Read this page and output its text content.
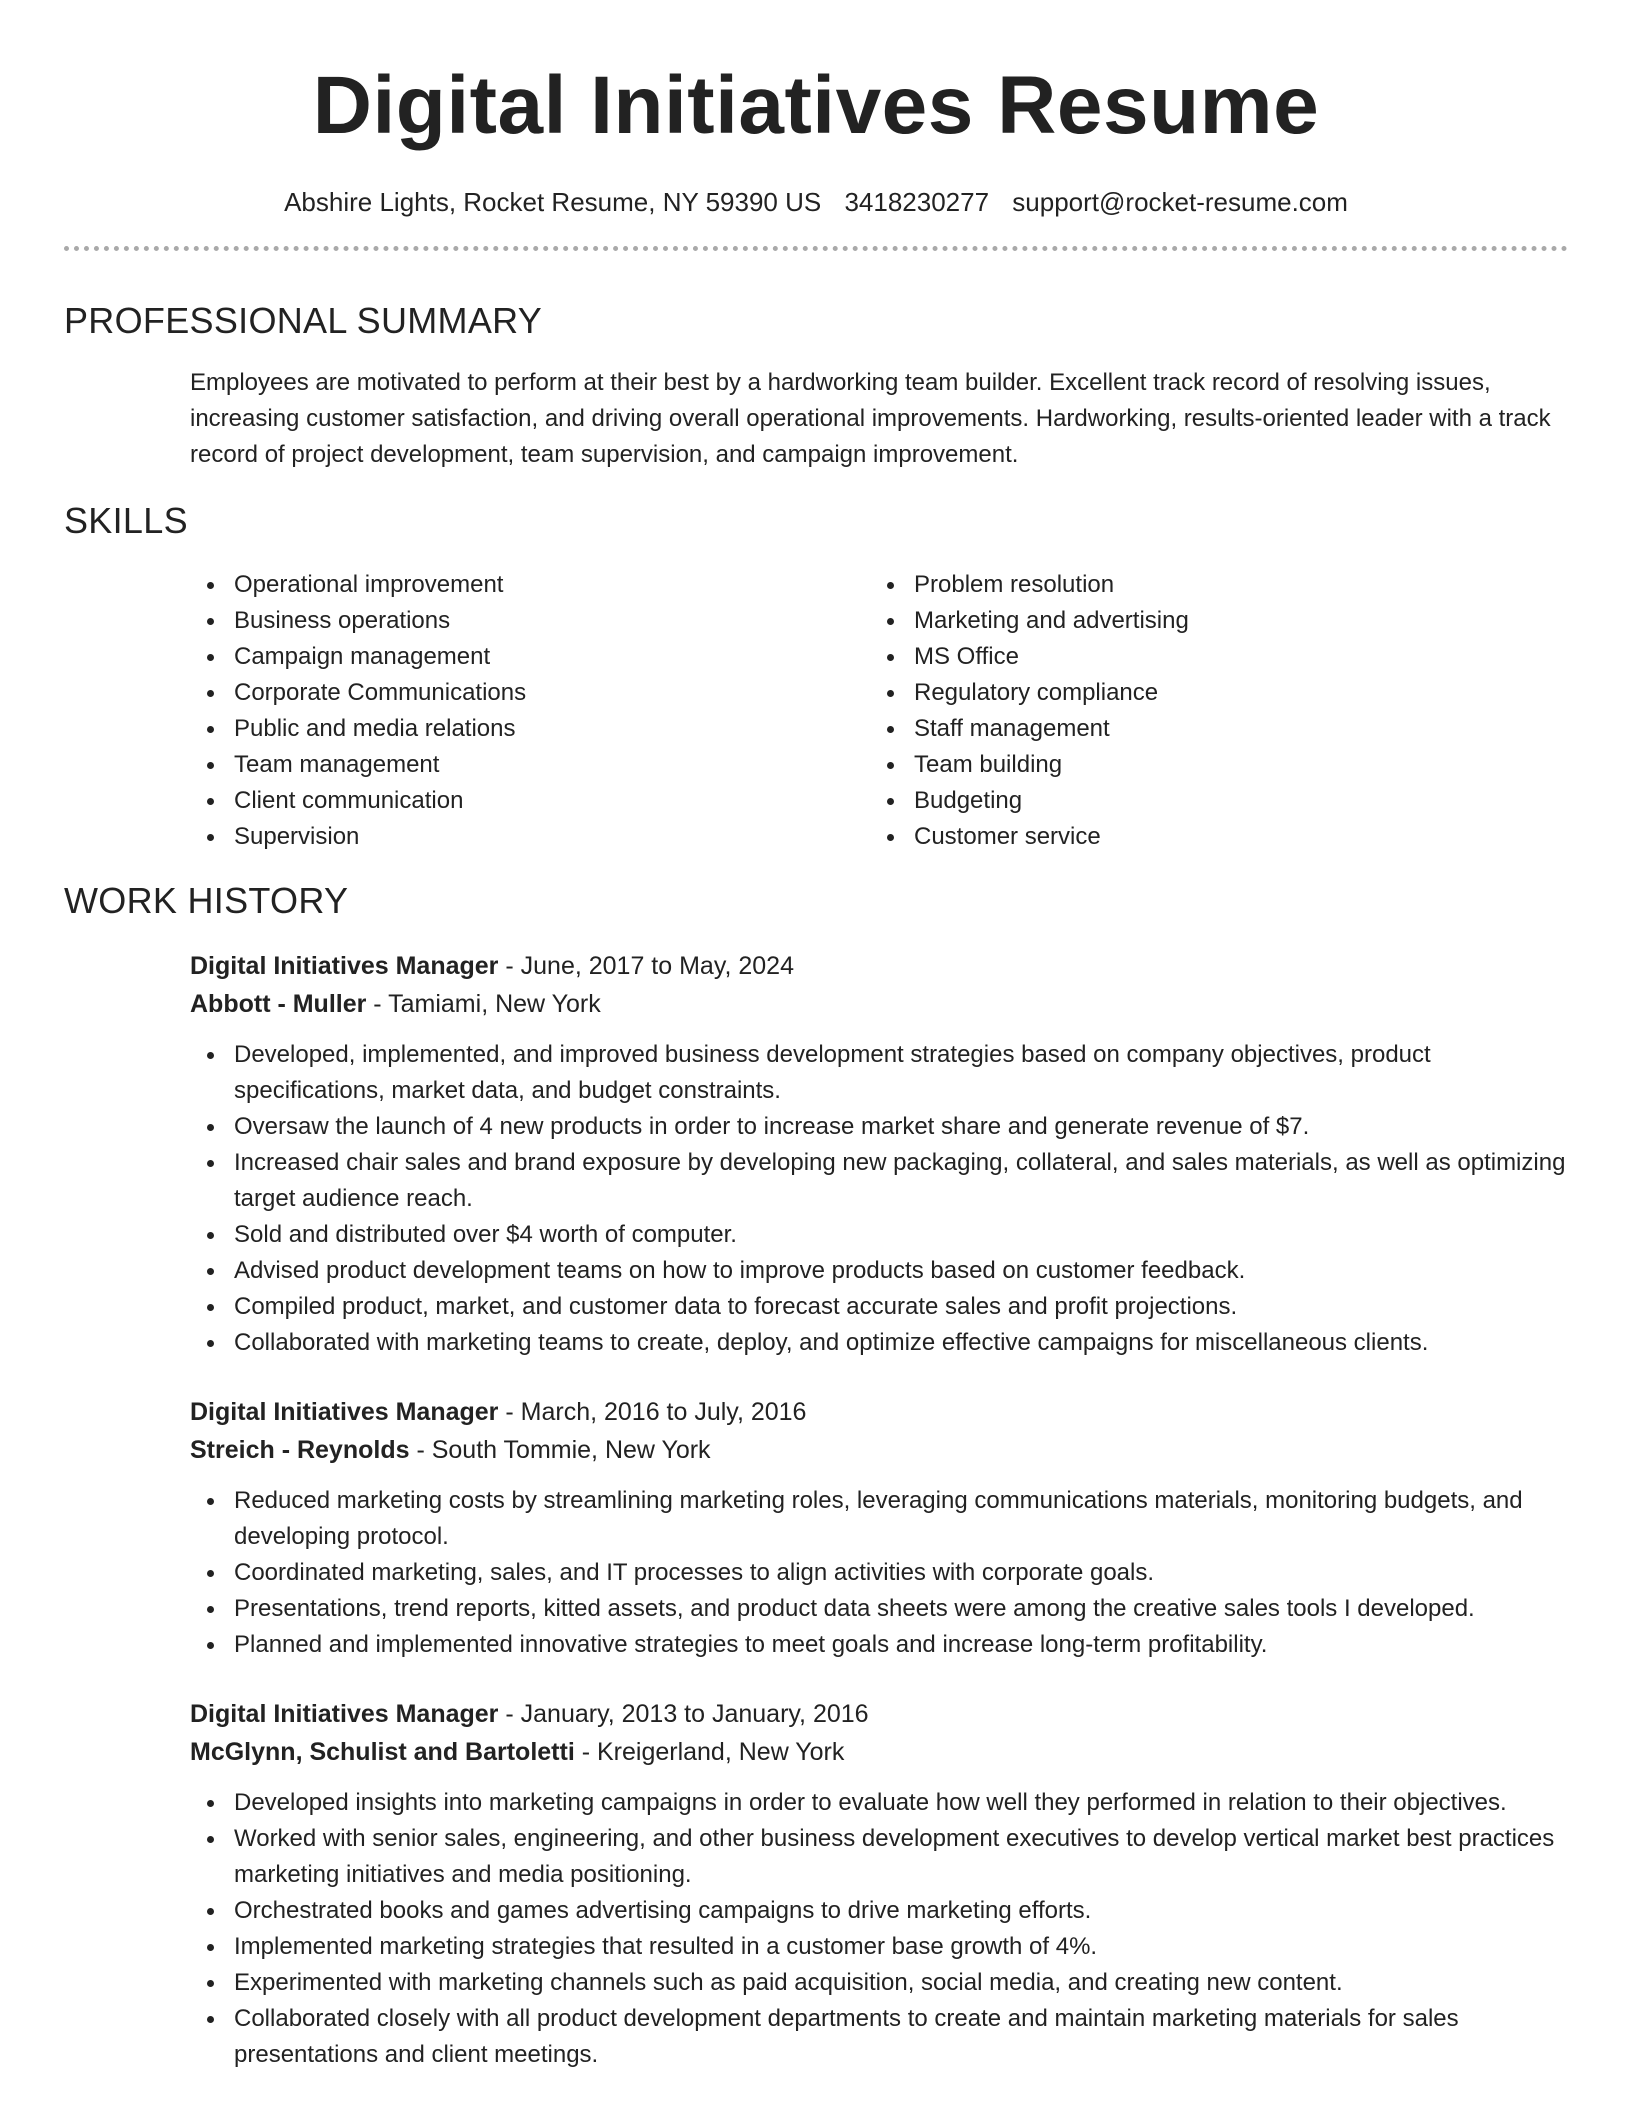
Digital Initiatives Resume
Abshire Lights, Rocket Resume, NY 59390 US 3418230277 support@rocket-resume.com
PROFESSIONAL SUMMARY

Employees are motivated to perform at their best by a hardworking team builder. Excellent track record of resolving issues, increasing customer satisfaction, and driving overall operational improvements. Hardworking, results-oriented leader with a track record of project development, team supervision, and campaign improvement.

SKILLS
Operational improvement
Business operations
Campaign management
Corporate Communications
Public and media relations
Team management
Client communication
Supervision
Problem resolution
Marketing and advertising
MS Office
Regulatory compliance
Staff management
Team building
Budgeting
Customer service
WORK HISTORY
Digital Initiatives Manager - June, 2017 to May, 2024
Abbott - Muller - Tamiami, New York
Developed, implemented, and improved business development strategies based on company objectives, product specifications, market data, and budget constraints.
Oversaw the launch of 4 new products in order to increase market share and generate revenue of $7.
Increased chair sales and brand exposure by developing new packaging, collateral, and sales materials, as well as optimizing target audience reach.
Sold and distributed over $4 worth of computer.
Advised product development teams on how to improve products based on customer feedback.
Compiled product, market, and customer data to forecast accurate sales and profit projections.
Collaborated with marketing teams to create, deploy, and optimize effective campaigns for miscellaneous clients.
Digital Initiatives Manager - March, 2016 to July, 2016
Streich - Reynolds - South Tommie, New York
Reduced marketing costs by streamlining marketing roles, leveraging communications materials, monitoring budgets, and developing protocol.
Coordinated marketing, sales, and IT processes to align activities with corporate goals.
Presentations, trend reports, kitted assets, and product data sheets were among the creative sales tools I developed.
Planned and implemented innovative strategies to meet goals and increase long-term profitability.
Digital Initiatives Manager - January, 2013 to January, 2016
McGlynn, Schulist and Bartoletti - Kreigerland, New York
Developed insights into marketing campaigns in order to evaluate how well they performed in relation to their objectives.
Worked with senior sales, engineering, and other business development executives to develop vertical market best practices marketing initiatives and media positioning.
Orchestrated books and games advertising campaigns to drive marketing efforts.
Implemented marketing strategies that resulted in a customer base growth of 4%.
Experimented with marketing channels such as paid acquisition, social media, and creating new content.
Collaborated closely with all product development departments to create and maintain marketing materials for sales presentations and client meetings.
